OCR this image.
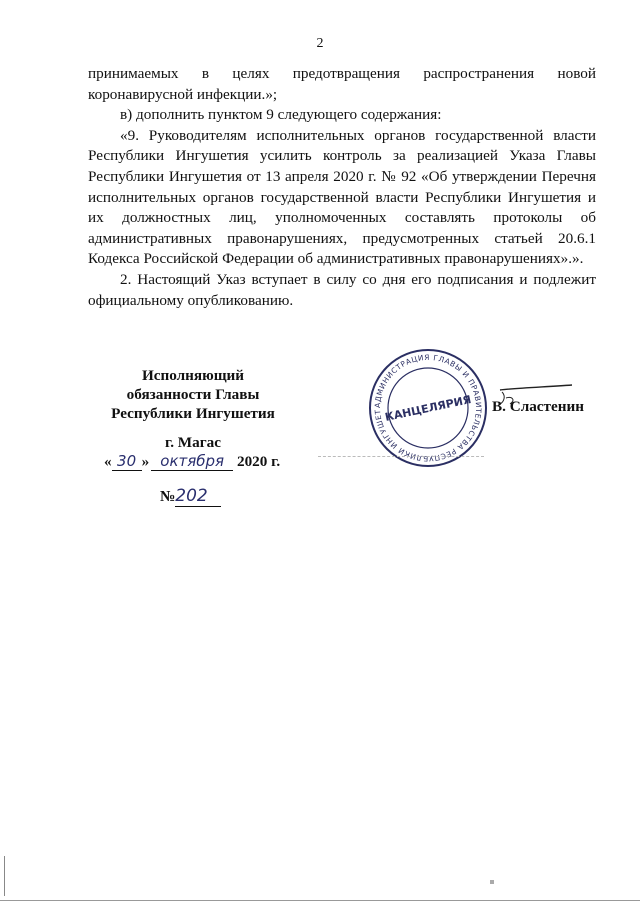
2

принимаемых в целях предотвращения распространения новой коронавирусной инфекции.»;

в) дополнить пунктом 9 следующего содержания:

«9. Руководителям исполнительных органов государственной власти Республики Ингушетия усилить контроль за реализацией Указа Главы Республики Ингушетия от 13 апреля 2020 г. № 92 «Об утверждении Перечня исполнительных органов государственной власти Республики Ингушетия и их должностных лиц, уполномоченных составлять протоколы об административных правонарушениях, предусмотренных статьей 20.6.1 Кодекса Российской Федерации об административных правонарушениях».».

2. Настоящий Указ вступает в силу со дня его подписания и подлежит официальному опубликованию.

Исполняющий
обязанности Главы
Республики Ингушетия	АДМИНИСТРАЦИЯ ГЛАВЫ И ПРАВИТЕЛЬСТВА РЕСПУБЛИКИ ИНГУШЕТ КАНЦЕЛЯРИЯ В. Сластенин
г. Магас
« 30 » октября 2020 г.
№202
